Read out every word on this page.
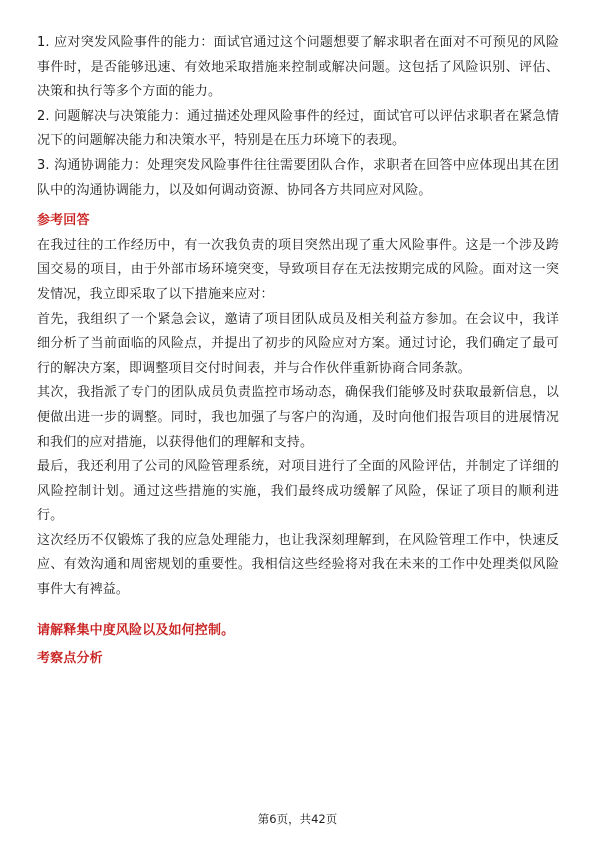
1. 应对突发风险事件的能力：面试官通过这个问题想要了解求职者在面对不可预见的风险事件时，是否能够迅速、有效地采取措施来控制或解决问题。这包括了风险识别、评估、决策和执行等多个方面的能力。

2. 问题解决与决策能力：通过描述处理风险事件的经过，面试官可以评估求职者在紧急情况下的问题解决能力和决策水平，特别是在压力环境下的表现。

3. 沟通协调能力：处理突发风险事件往往需要团队合作，求职者在回答中应体现出其在团队中的沟通协调能力，以及如何调动资源、协同各方共同应对风险。

参考回答

在我过往的工作经历中，有一次我负责的项目突然出现了重大风险事件。这是一个涉及跨国交易的项目，由于外部市场环境突变，导致项目存在无法按期完成的风险。面对这一突发情况，我立即采取了以下措施来应对：

首先，我组织了一个紧急会议，邀请了项目团队成员及相关利益方参加。在会议中，我详细分析了当前面临的风险点，并提出了初步的风险应对方案。通过讨论，我们确定了最可行的解决方案，即调整项目交付时间表，并与合作伙伴重新协商合同条款。

其次，我指派了专门的团队成员负责监控市场动态，确保我们能够及时获取最新信息，以便做出进一步的调整。同时，我也加强了与客户的沟通，及时向他们报告项目的进展情况和我们的应对措施，以获得他们的理解和支持。

最后，我还利用了公司的风险管理系统，对项目进行了全面的风险评估，并制定了详细的风险控制计划。通过这些措施的实施，我们最终成功缓解了风险，保证了项目的顺利进行。

这次经历不仅锻炼了我的应急处理能力，也让我深刻理解到，在风险管理工作中，快速反应、有效沟通和周密规划的重要性。我相信这些经验将对我在未来的工作中处理类似风险事件大有裨益。

请解释集中度风险以及如何控制。

考察点分析

第6页，共42页
